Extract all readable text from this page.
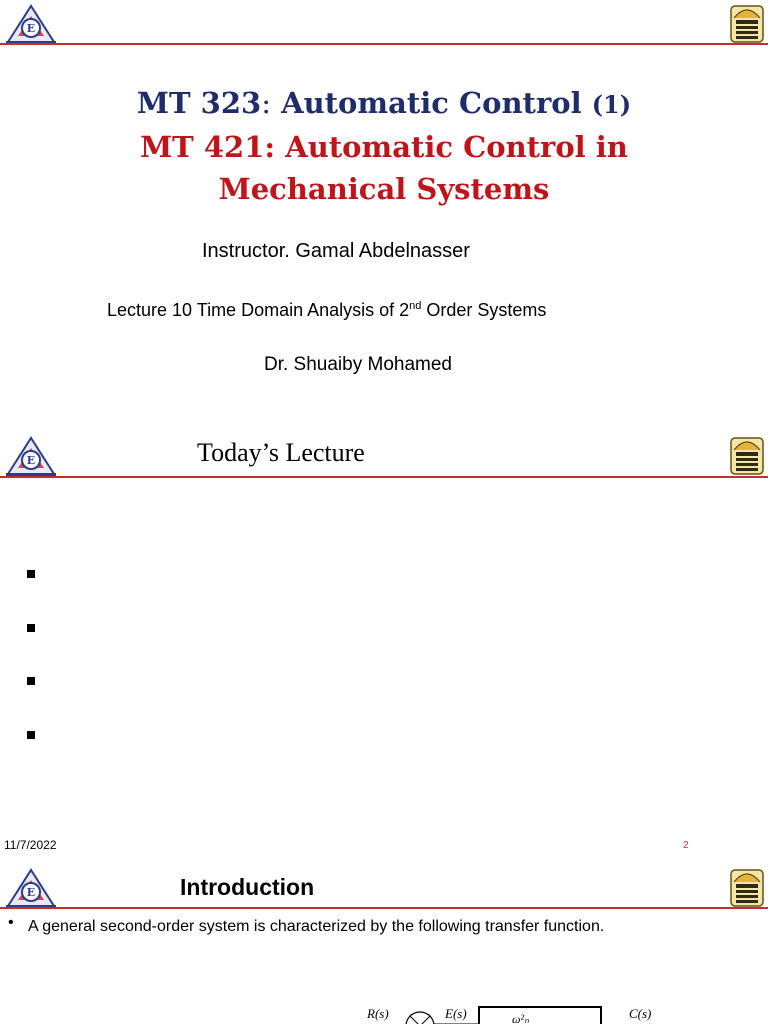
E
MT 323: Automatic Control (1)
MT 421: Automatic Control in
Mechanical Systems
Instructor. Gamal Abdelnasser
Lecture 10 Time Domain Analysis of 2nd Order Systems
Dr. Shuaiby Mohamed
E	Today’s Lecture
11/7/2022	2
E	Introduction
• A general second-order system is characterized by the following transfer function.
R(s)	E(s)	ω²ₙ	C(s)
